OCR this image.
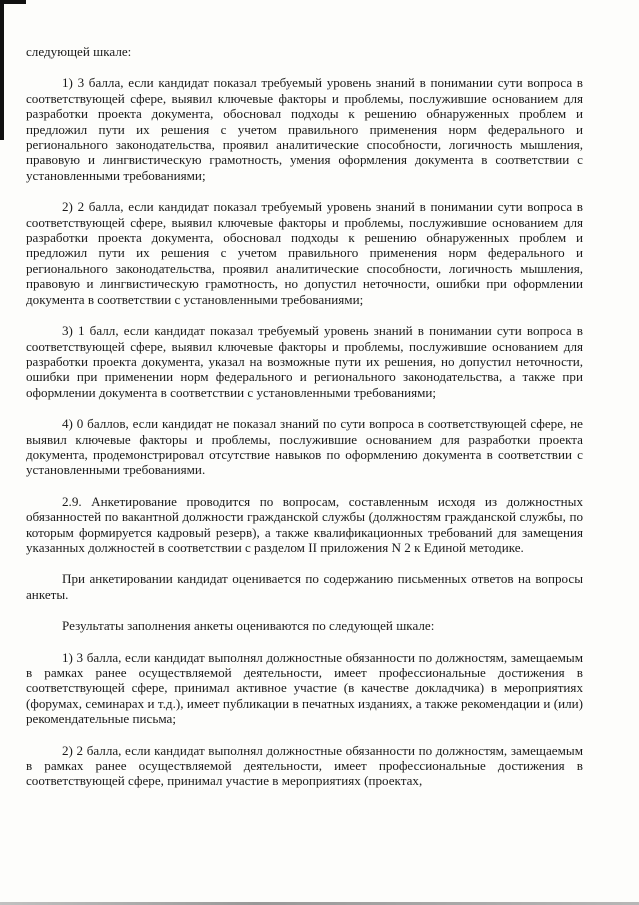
следующей шкале:

1) 3 балла, если кандидат показал требуемый уровень знаний в понимании сути вопроса в соответствующей сфере, выявил ключевые факторы и проблемы, послужившие основанием для разработки проекта документа, обосновал подходы к решению обнаруженных проблем и предложил пути их решения с учетом правильного применения норм федерального и регионального законодательства, проявил аналитические способности, логичность мышления, правовую и лингвистическую грамотность, умения оформления документа в соответствии с установленными требованиями;

2) 2 балла, если кандидат показал требуемый уровень знаний в понимании сути вопроса в соответствующей сфере, выявил ключевые факторы и проблемы, послужившие основанием для разработки проекта документа, обосновал подходы к решению обнаруженных проблем и предложил пути их решения с учетом правильного применения норм федерального и регионального законодательства, проявил аналитические способности, логичность мышления, правовую и лингвистическую грамотность, но допустил неточности, ошибки при оформлении документа в соответствии с установленными требованиями;

3) 1 балл, если кандидат показал требуемый уровень знаний в понимании сути вопроса в соответствующей сфере, выявил ключевые факторы и проблемы, послужившие основанием для разработки проекта документа, указал на возможные пути их решения, но допустил неточности, ошибки при применении норм федерального и регионального законодательства, а также при оформлении документа в соответствии с установленными требованиями;

4) 0 баллов, если кандидат не показал знаний по сути вопроса в соответствующей сфере, не выявил ключевые факторы и проблемы, послужившие основанием для разработки проекта документа, продемонстрировал отсутствие навыков по оформлению документа в соответствии с установленными требованиями.

2.9. Анкетирование проводится по вопросам, составленным исходя из должностных обязанностей по вакантной должности гражданской службы (должностям гражданской службы, по которым формируется кадровый резерв), а также квалификационных требований для замещения указанных должностей в соответствии с разделом II приложения N 2 к Единой методике.

При анкетировании кандидат оценивается по содержанию письменных ответов на вопросы анкеты.

Результаты заполнения анкеты оцениваются по следующей шкале:

1) 3 балла, если кандидат выполнял должностные обязанности по должностям, замещаемым в рамках ранее осуществляемой деятельности, имеет профессиональные достижения в соответствующей сфере, принимал активное участие (в качестве докладчика) в мероприятиях (форумах, семинарах и т.д.), имеет публикации в печатных изданиях, а также рекомендации и (или) рекомендательные письма;

2) 2 балла, если кандидат выполнял должностные обязанности по должностям, замещаемым в рамках ранее осуществляемой деятельности, имеет профессиональные достижения в соответствующей сфере, принимал участие в мероприятиях (проектах,
